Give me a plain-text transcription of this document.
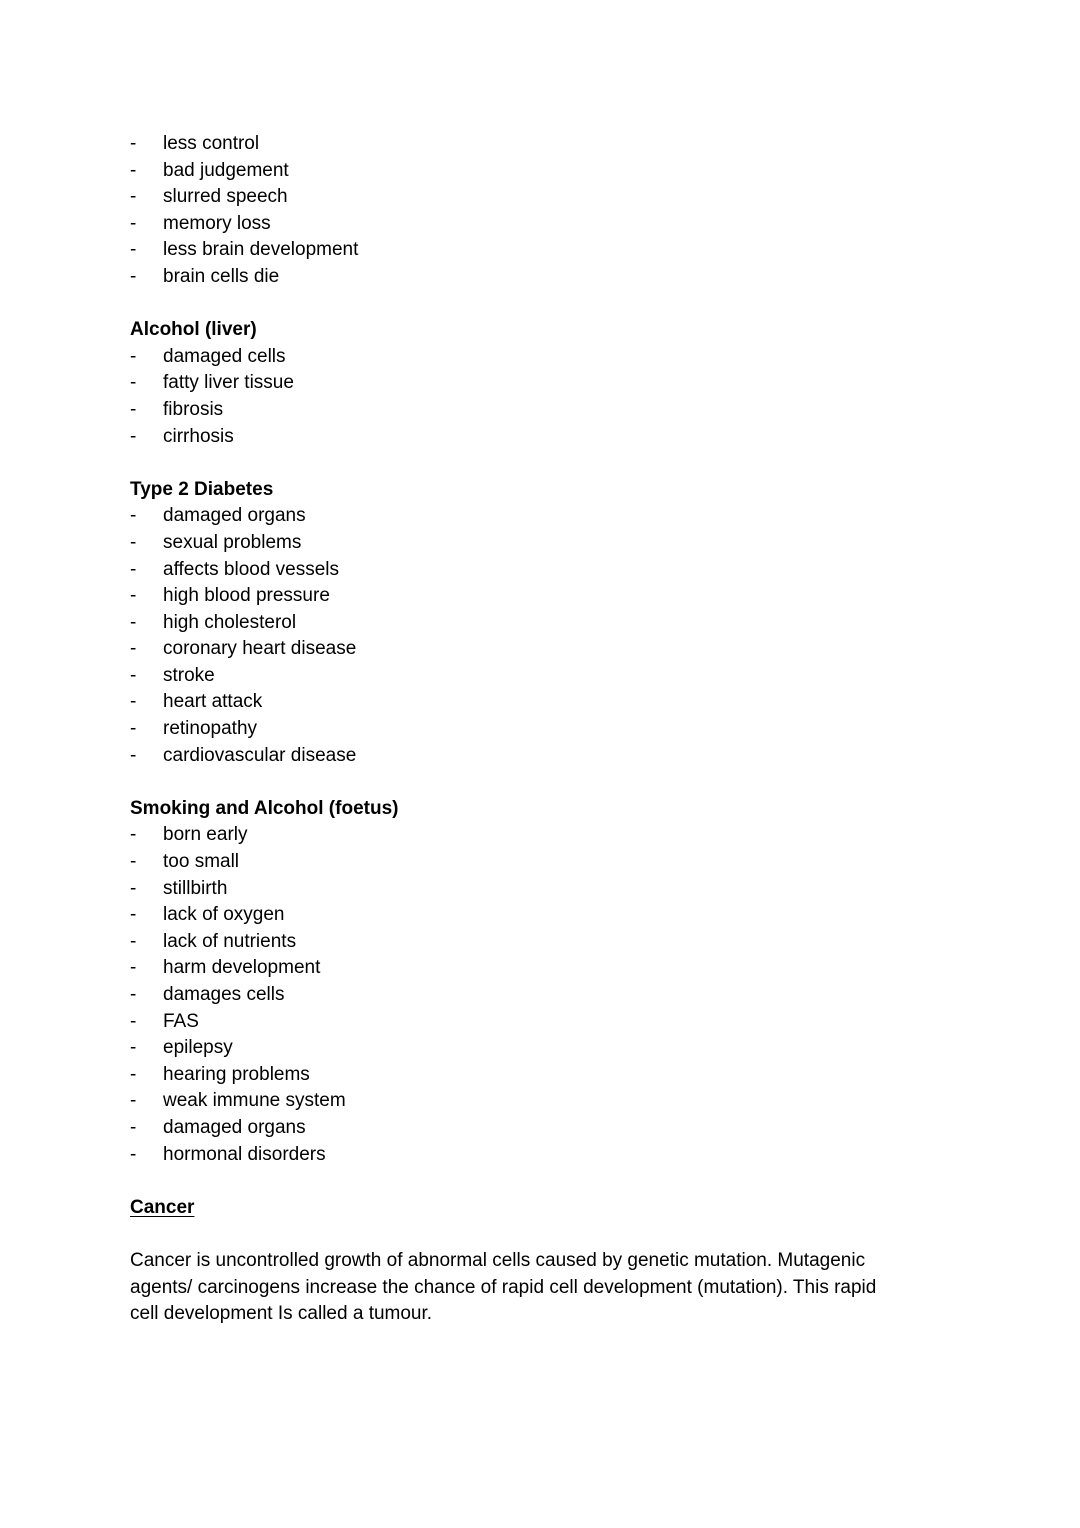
- less control
- bad judgement
- slurred speech
- memory loss
- less brain development
- brain cells die
Alcohol (liver)
- damaged cells
- fatty liver tissue
- fibrosis
- cirrhosis
Type 2 Diabetes
- damaged organs
- sexual problems
- affects blood vessels
- high blood pressure
- high cholesterol
- coronary heart disease
- stroke
- heart attack
- retinopathy
- cardiovascular disease
Smoking and Alcohol (foetus)
- born early
- too small
- stillbirth
- lack of oxygen
- lack of nutrients
- harm development
- damages cells
- FAS
- epilepsy
- hearing problems
- weak immune system
- damaged organs
- hormonal disorders
Cancer
Cancer is uncontrolled growth of abnormal cells caused by genetic mutation. Mutagenic
agents/ carcinogens increase the chance of rapid cell development (mutation). This rapid
cell development Is called a tumour.
